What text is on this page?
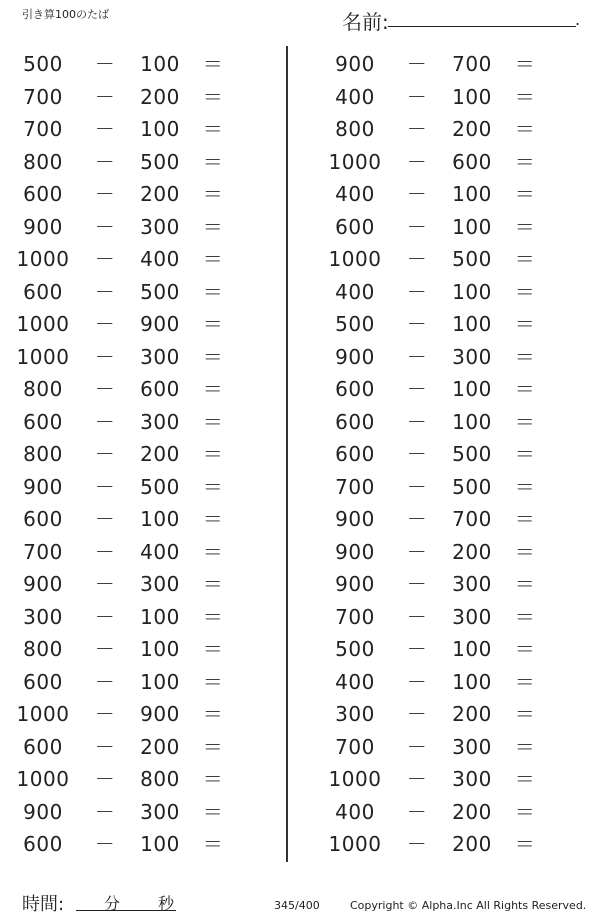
引き算100のたば	名前:	.
500	－	100	＝
700	－	200	＝
700	－	100	＝
800	－	500	＝
600	－	200	＝
900	－	300	＝
1000 －	400	＝
600	－	500	＝
1000 －	900	＝
1000 －	300	＝
800	－	600	＝
600	－	300	＝
800	－	200	＝
900	－	500	＝
600	－	100	＝
700	－	400	＝
900	－	300	＝
300	－	100	＝
800	－	100	＝
600	－	100	＝
1000 －	900	＝
600	－	200	＝
1000 －	800	＝
900	－	300	＝
600	－	100	＝
900	－	700	＝
400	－	100	＝
800	－	200	＝
1000 －	600	＝
400	－	100	＝
600	－	100	＝
1000 －	500	＝
400	－	100	＝
500	－	100	＝
900	－	300	＝
600	－	100	＝
600	－	100	＝
600	－	500	＝
700	－	500	＝
900	－	700	＝
900	－	200	＝
900	－	300	＝
700	－	300	＝
500	－	100	＝
400	－	100	＝
300	－	200	＝
700	－	300	＝
1000 －	300	＝
400	－	200	＝
1000 －	200	＝
時間: 分 秒	345/400	Copyright © Alpha.Inc All Rights Reserved.
